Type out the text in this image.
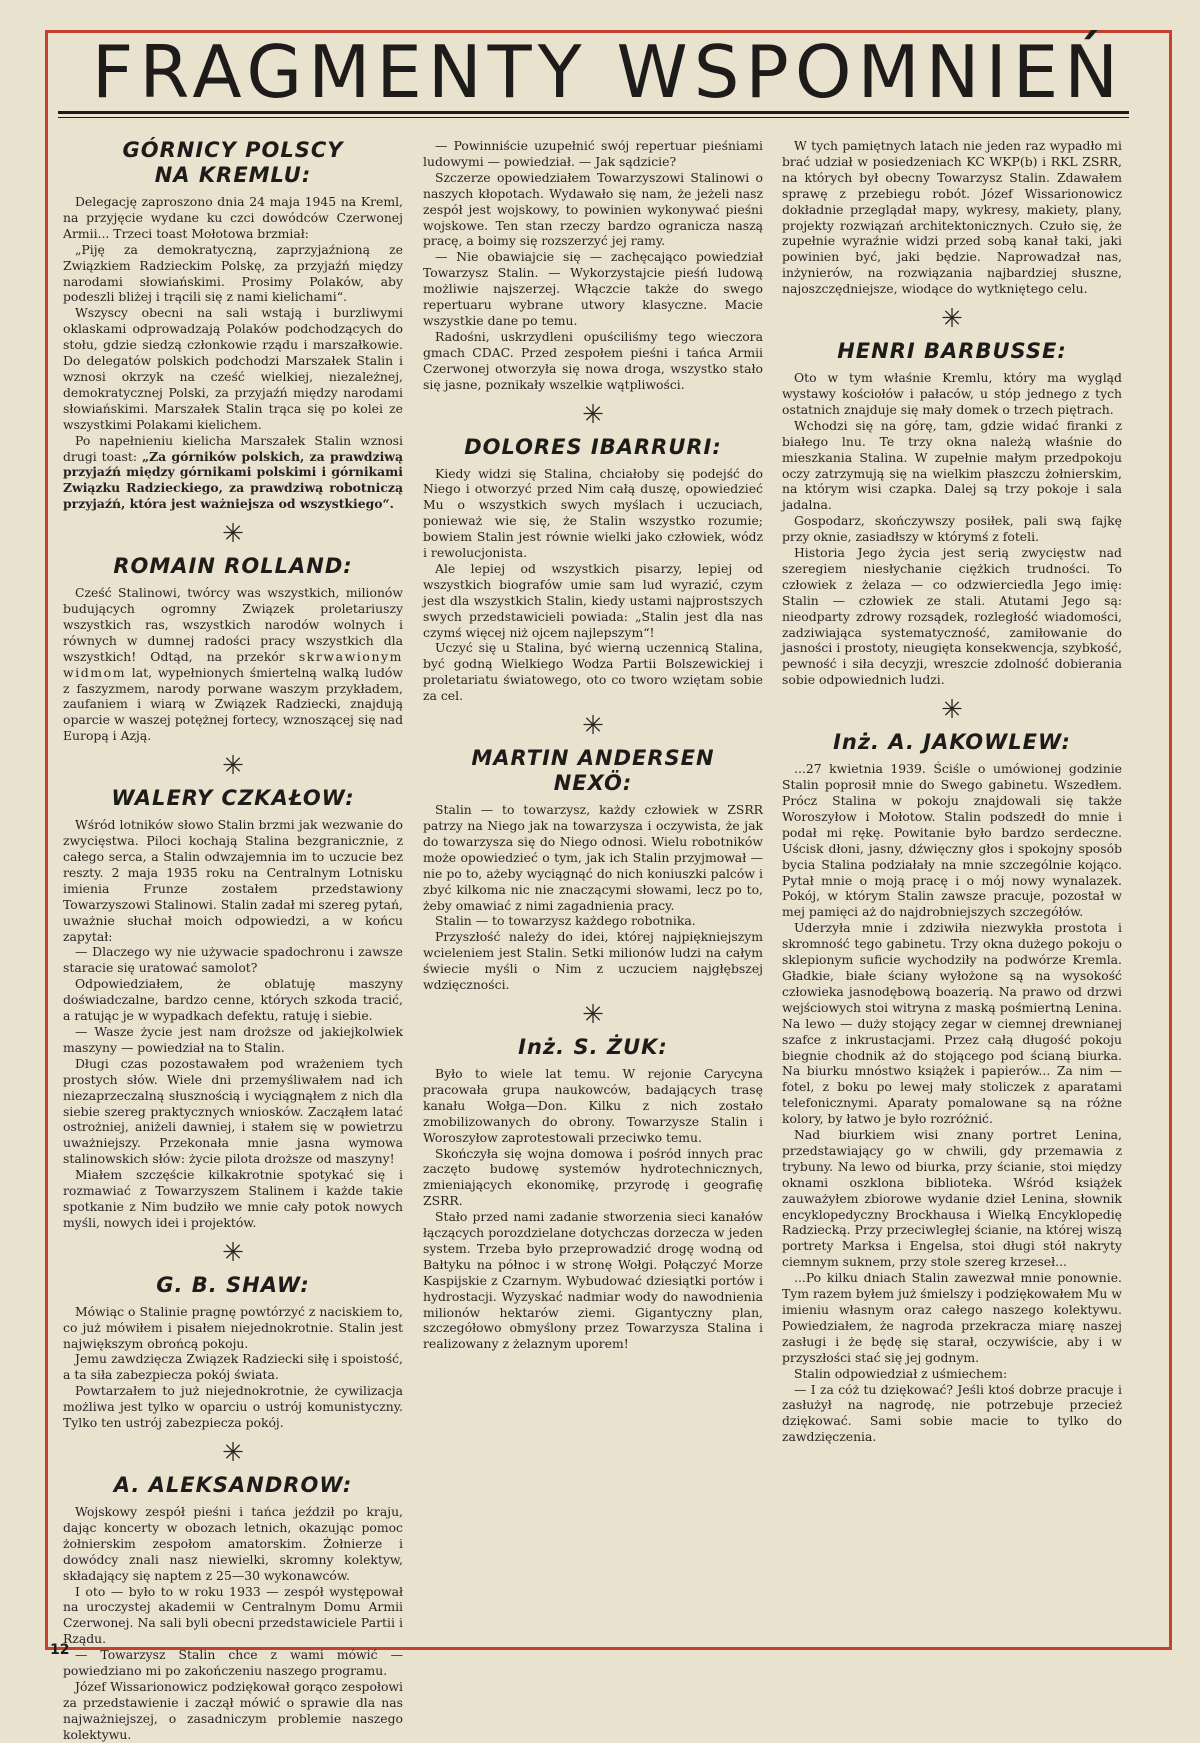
FRAGMENTY WSPOMNIEŃ
GÓRNICY POLSCY
NA KREMLU:

Delegację zaproszono dnia 24 maja 1945 na Kreml, na przyjęcie wydane ku czci dowódców Czerwonej Armii... Trzeci toast Mołotowa brzmiał:

„Piję za demokratyczną, zaprzyjaźnioną ze Związkiem Radzieckim Polskę, za przyjaźń między narodami słowiańskimi. Prosimy Polaków, aby podeszli bliżej i trącili się z nami kielichami“.

Wszyscy obecni na sali wstają i burzliwymi oklaskami odprowadzają Polaków podchodzących do stołu, gdzie siedzą członkowie rządu i marszałkowie. Do delegatów polskich podchodzi Marszałek Stalin i wznosi okrzyk na cześć wielkiej, niezależnej, demokratycznej Polski, za przyjaźń między narodami słowiańskimi. Marszałek Stalin trąca się po kolei ze wszystkimi Polakami kielichem.

Po napełnieniu kielicha Marszałek Stalin wznosi drugi toast: „Za górników polskich, za prawdziwą przyjaźń między górnikami polskimi i górnikami Związku Radzieckiego, za prawdziwą robotniczą przyjaźń, która jest ważniejsza od wszystkiego“.

✳
ROMAIN ROLLAND:

Cześć Stalinowi, twórcy was wszystkich, milionów budujących ogromny Związek proletariuszy wszystkich ras, wszystkich narodów wolnych i równych w dumnej radości pracy wszystkich dla wszystkich! Odtąd, na przekór skrwawionym widmom lat, wypełnionych śmiertelną walką ludów z faszyzmem, narody porwane waszym przykładem, zaufaniem i wiarą w Związek Radziecki, znajdują oparcie w waszej potężnej fortecy, wznoszącej się nad Europą i Azją.

✳
WALERY CZKAŁOW:

Wśród lotników słowo Stalin brzmi jak wezwanie do zwycięstwa. Piloci kochają Stalina bezgranicznie, z całego serca, a Stalin odwzajemnia im to uczucie bez reszty. 2 maja 1935 roku na Centralnym Lotnisku imienia Frunze zostałem przedstawiony Towarzyszowi Stalinowi. Stalin zadał mi szereg pytań, uważnie słuchał moich odpowiedzi, a w końcu zapytał:

— Dlaczego wy nie używacie spadochronu i zawsze staracie się uratować samolot?

Odpowiedziałem, że oblatuję maszyny doświadczalne, bardzo cenne, których szkoda tracić, a ratując je w wypadkach defektu, ratuję i siebie.

— Wasze życie jest nam droższe od jakiejkolwiek maszyny — powiedział na to Stalin.

Długi czas pozostawałem pod wrażeniem tych prostych słów. Wiele dni przemyśliwałem nad ich niezaprzeczalną słusznością i wyciągnąłem z nich dla siebie szereg praktycznych wniosków. Zacząłem latać ostrożniej, aniżeli dawniej, i stałem się w powietrzu uważniejszy. Przekonała mnie jasna wymowa stalinowskich słów: życie pilota droższe od maszyny!

Miałem szczęście kilkakrotnie spotykać się i rozmawiać z Towarzyszem Stalinem i każde takie spotkanie z Nim budziło we mnie cały potok nowych myśli, nowych idei i projektów.

✳
G. B. SHAW:

Mówiąc o Stalinie pragnę powtórzyć z naciskiem to, co już mówiłem i pisałem niejednokrotnie. Stalin jest największym obrońcą pokoju.

Jemu zawdzięcza Związek Radziecki siłę i spoistość, a ta siła zabezpiecza pokój świata.

Powtarzałem to już niejednokrotnie, że cywilizacja możliwa jest tylko w oparciu o ustrój komunistyczny. Tylko ten ustrój zabezpiecza pokój.

✳
A. ALEKSANDROW:

Wojskowy zespół pieśni i tańca jeździł po kraju, dając koncerty w obozach letnich, okazując pomoc żołnierskim zespołom amatorskim. Żołnierze i dowódcy znali nasz niewielki, skromny kolektyw, składający się naptem z 25—30 wykonawców.

I oto — było to w roku 1933 — zespół występował na uroczystej akademii w Centralnym Domu Armii Czerwonej. Na sali byli obecni przedstawiciele Partii i Rządu.

— Towarzysz Stalin chce z wami mówić — powiedziano mi po zakończeniu naszego programu.

Józef Wissarionowicz podziękował gorąco zespołowi za przedstawienie i zaczął mówić o sprawie dla nas najważniejszej, o zasadniczym problemie naszego kolektywu.

— Powinniście uzupełnić swój repertuar pieśniami ludowymi — powiedział. — Jak sądzicie?

Szczerze opowiedziałem Towarzyszowi Stalinowi o naszych kłopotach. Wydawało się nam, że jeżeli nasz zespół jest wojskowy, to powinien wykonywać pieśni wojskowe. Ten stan rzeczy bardzo ogranicza naszą pracę, a boimy się rozszerzyć jej ramy.

— Nie obawiajcie się — zachęcająco powiedział Towarzysz Stalin. — Wykorzystajcie pieśń ludową możliwie najszerzej. Włączcie także do swego repertuaru wybrane utwory klasyczne. Macie wszystkie dane po temu.

Radośni, uskrzydleni opuściliśmy tego wieczora gmach CDAC. Przed zespołem pieśni i tańca Armii Czerwonej otworzyła się nowa droga, wszystko stało się jasne, poznikały wszelkie wątpliwości.

✳
DOLORES IBARRURI:

Kiedy widzi się Stalina, chciałoby się podejść do Niego i otworzyć przed Nim całą duszę, opowiedzieć Mu o wszystkich swych myślach i uczuciach, ponieważ wie się, że Stalin wszystko rozumie; bowiem Stalin jest równie wielki jako człowiek, wódz i rewolucjonista.

Ale lepiej od wszystkich pisarzy, lepiej od wszystkich biografów umie sam lud wyrazić, czym jest dla wszystkich Stalin, kiedy ustami najprostszych swych przedstawicieli powiada: „Stalin jest dla nas czymś więcej niż ojcem najlepszym“!

Uczyć się u Stalina, być wierną uczennicą Stalina, być godną Wielkiego Wodza Partii Bolszewickiej i proletariatu światowego, oto co tworo wziętam sobie za cel.

✳
MARTIN ANDERSEN
NEXÖ:

Stalin — to towarzysz, każdy człowiek w ZSRR patrzy na Niego jak na towarzysza i oczywista, że jak do towarzysza się do Niego odnosi. Wielu robotników może opowiedzieć o tym, jak ich Stalin przyjmował — nie po to, ażeby wyciągnąć do nich koniuszki palców i zbyć kilkoma nic nie znaczącymi słowami, lecz po to, żeby omawiać z nimi zagadnienia pracy.

Stalin — to towarzysz każdego robotnika.

Przyszłość należy do idei, której najpiękniejszym wcieleniem jest Stalin. Setki milionów ludzi na całym świecie myśli o Nim z uczuciem najgłębszej wdzięczności.

✳
Inż. S. ŻUK:

Było to wiele lat temu. W rejonie Carycyna pracowała grupa naukowców, badających trasę kanału Wołga—Don. Kilku z nich zostało zmobilizowanych do obrony. Towarzysze Stalin i Woroszyłow zaprotestowali przeciwko temu.

Skończyła się wojna domowa i pośród innych prac zaczęto budowę systemów hydrotechnicznych, zmieniających ekonomikę, przyrodę i geografię ZSRR.

Stało przed nami zadanie stworzenia sieci kanałów łączących porozdzielane dotychczas dorzecza w jeden system. Trzeba było przeprowadzić drogę wodną od Bałtyku na północ i w stronę Wołgi. Połączyć Morze Kaspijskie z Czarnym. Wybudować dziesiątki portów i hydrostacji. Wyzyskać nadmiar wody do nawodnienia milionów hektarów ziemi. Gigantyczny plan, szczegółowo obmyślony przez Towarzysza Stalina i realizowany z żelaznym uporem!

W tych pamiętnych latach nie jeden raz wypadło mi brać udział w posiedzeniach KC WKP(b) i RKL ZSRR, na których był obecny Towarzysz Stalin. Zdawałem sprawę z przebiegu robót. Józef Wissarionowicz dokładnie przeglądał mapy, wykresy, makiety, plany, projekty rozwiązań architektonicznych. Czuło się, że zupełnie wyraźnie widzi przed sobą kanał taki, jaki powinien być, jaki będzie. Naprowadzał nas, inżynierów, na rozwiązania najbardziej słuszne, najoszczędniejsze, wiodące do wytkniętego celu.

✳
HENRI BARBUSSE:

Oto w tym właśnie Kremlu, który ma wygląd wystawy kościołów i pałaców, u stóp jednego z tych ostatnich znajduje się mały domek o trzech piętrach.

Wchodzi się na górę, tam, gdzie widać firanki z białego lnu. Te trzy okna należą właśnie do mieszkania Stalina. W zupełnie małym przedpokoju oczy zatrzymują się na wielkim płaszczu żołnierskim, na którym wisi czapka. Dalej są trzy pokoje i sala jadalna.

Gospodarz, skończywszy posiłek, pali swą fajkę przy oknie, zasiadłszy w którymś z foteli.

Historia Jego życia jest serią zwycięstw nad szeregiem niesłychanie ciężkich trudności. To człowiek z żelaza — co odzwierciedla Jego imię: Stalin — człowiek ze stali. Atutami Jego są: nieodparty zdrowy rozsądek, rozległość wiadomości, zadziwiająca systematyczność, zamiłowanie do jasności i prostoty, nieugięta konsekwencja, szybkość, pewność i siła decyzji, wreszcie zdolność dobierania sobie odpowiednich ludzi.

✳
Inż. A. JAKOWLEW:

...27 kwietnia 1939. Ściśle o umówionej godzinie Stalin poprosił mnie do Swego gabinetu. Wszedłem. Prócz Stalina w pokoju znajdowali się także Woroszyłow i Mołotow. Stalin podszedł do mnie i podał mi rękę. Powitanie było bardzo serdeczne. Uścisk dłoni, jasny, dźwięczny głos i spokojny sposób bycia Stalina podziałały na mnie szczególnie kojąco. Pytał mnie o moją pracę i o mój nowy wynalazek. Pokój, w którym Stalin zawsze pracuje, pozostał w mej pamięci aż do najdrobniejszych szczegółów.

Uderzyła mnie i zdziwiła niezwykła prostota i skromność tego gabinetu. Trzy okna dużego pokoju o sklepionym suficie wychodziły na podwórze Kremla. Gładkie, białe ściany wyłożone są na wysokość człowieka jasnodębową boazerią. Na prawo od drzwi wejściowych stoi witryna z maską pośmiertną Lenina. Na lewo — duży stojący zegar w ciemnej drewnianej szafce z inkrustacjami. Przez całą długość pokoju biegnie chodnik aż do stojącego pod ścianą biurka. Na biurku mnóstwo książek i papierów... Za nim — fotel, z boku po lewej mały stoliczek z aparatami telefonicznymi. Aparaty pomalowane są na różne kolory, by łatwo je było rozróżnić.

Nad biurkiem wisi znany portret Lenina, przedstawiający go w chwili, gdy przemawia z trybuny. Na lewo od biurka, przy ścianie, stoi między oknami oszklona biblioteka. Wśród książek zauważyłem zbiorowe wydanie dzieł Lenina, słownik encyklopedyczny Brockhausa i Wielką Encyklopedię Radziecką. Przy przeciwległej ścianie, na której wiszą portrety Marksa i Engelsa, stoi długi stół nakryty ciemnym suknem, przy stole szereg krzeseł...

...Po kilku dniach Stalin zawezwał mnie ponownie. Tym razem byłem już śmielszy i podziękowałem Mu w imieniu własnym oraz całego naszego kolektywu. Powiedziałem, że nagroda przekracza miarę naszej zasługi i że będę się starał, oczywiście, aby i w przyszłości stać się jej godnym.

Stalin odpowiedział z uśmiechem:

— I za cóż tu dziękować? Jeśli ktoś dobrze pracuje i zasłużył na nagrodę, nie potrzebuje przecież dziękować. Sami sobie macie to tylko do zawdzięczenia.

12
